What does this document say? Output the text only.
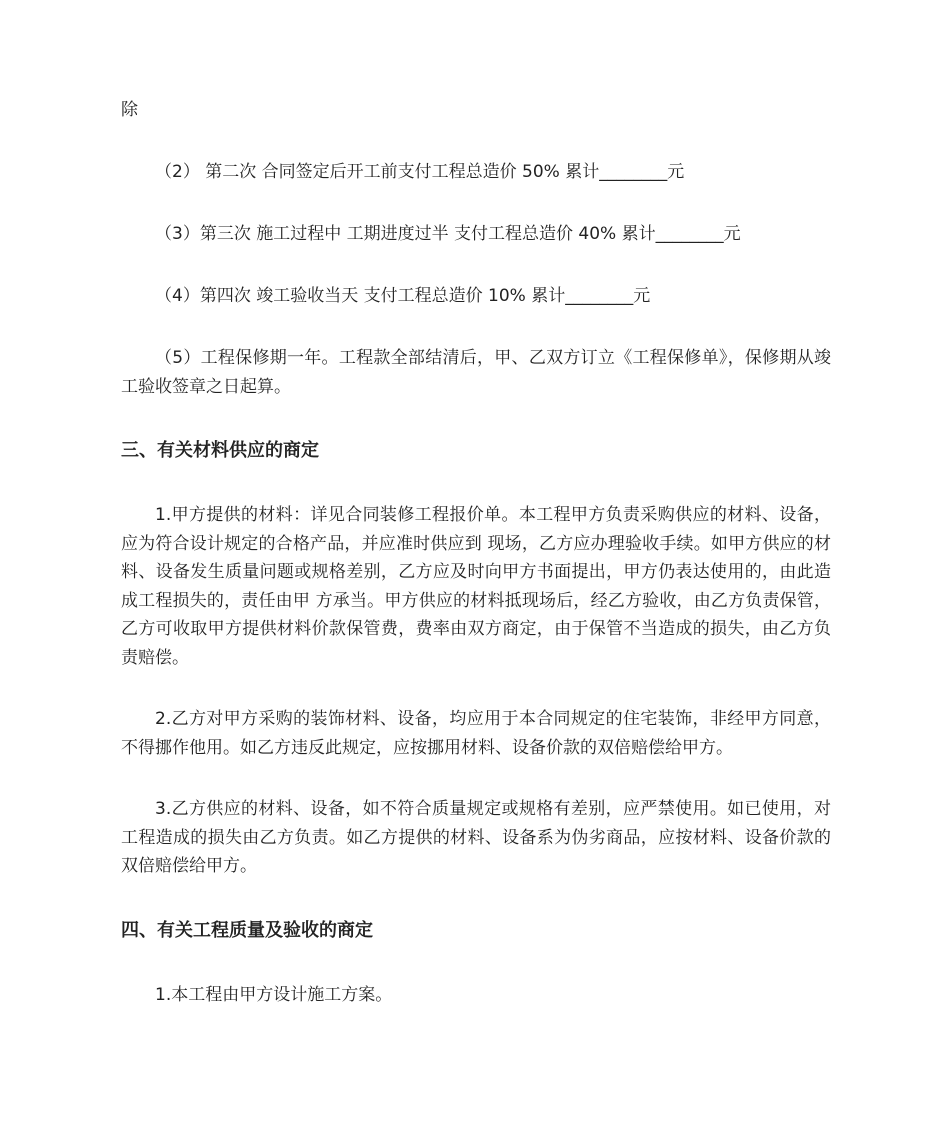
除

（2） 第二次 合同签定后开工前支付工程总造价 50% 累计________元

（3）第三次 施工过程中 工期进度过半 支付工程总造价 40% 累计________元

（4）第四次 竣工验收当天 支付工程总造价 10% 累计________元

（5）工程保修期一年。工程款全部结清后，甲、乙双方订立《工程保修单》，保修期从竣工验收签章之日起算。

三、有关材料供应的商定

1.甲方提供的材料：详见合同装修工程报价单。本工程甲方负责采购供应的材料、设备，应为符合设计规定的合格产品，并应准时供应到 现场，乙方应办理验收手续。如甲方供应的材料、设备发生质量问题或规格差别，乙方应及时向甲方书面提出，甲方仍表达使用的，由此造成工程损失的，责任由甲 方承当。甲方供应的材料抵现场后，经乙方验收，由乙方负责保管，乙方可收取甲方提供材料价款保管费，费率由双方商定，由于保管不当造成的损失，由乙方负责赔偿。

2.乙方对甲方采购的装饰材料、设备，均应用于本合同规定的住宅装饰，非经甲方同意，不得挪作他用。如乙方违反此规定，应按挪用材料、设备价款的双倍赔偿给甲方。

3.乙方供应的材料、设备，如不符合质量规定或规格有差别，应严禁使用。如已使用，对工程造成的损失由乙方负责。如乙方提供的材料、设备系为伪劣商品，应按材料、设备价款的双倍赔偿给甲方。

四、有关工程质量及验收的商定

1.本工程由甲方设计施工方案。
